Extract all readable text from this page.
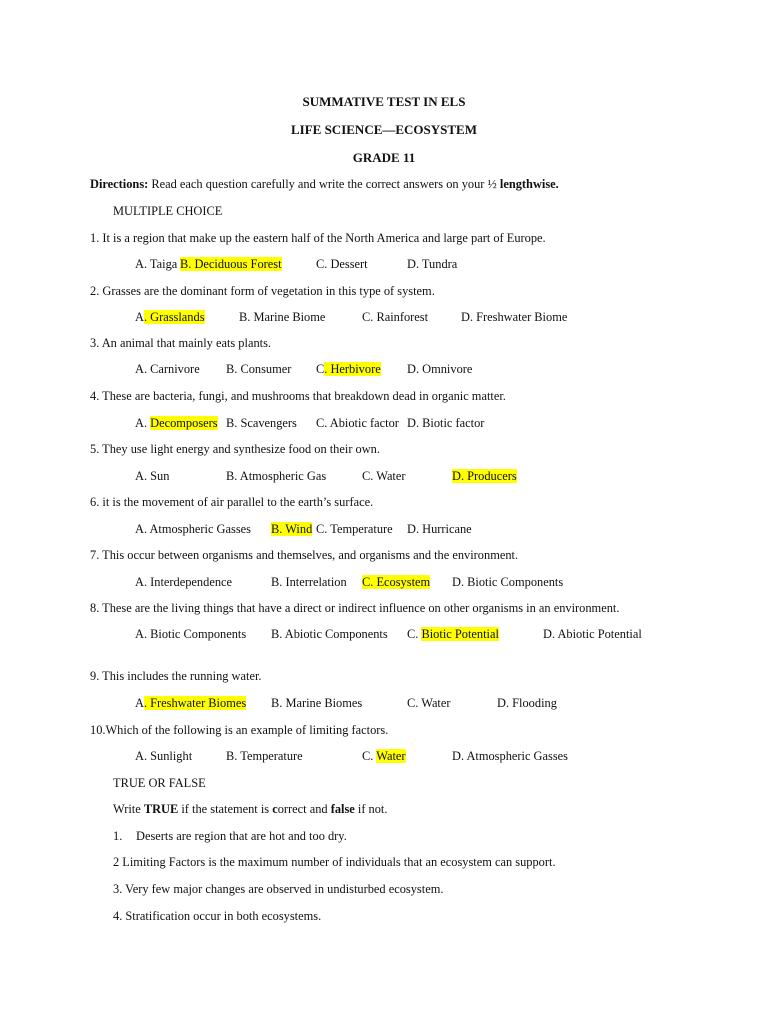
SUMMATIVE TEST IN ELS
LIFE SCIENCE—ECOSYSTEM
GRADE 11
Directions: Read each question carefully and write the correct answers on your ½ lengthwise.
MULTIPLE CHOICE
1. It is a region that make up the eastern half of the North America and large part of Europe.
A. Taiga B. Deciduous Forest	C. Dessert	D. Tundra
2. Grasses are the dominant form of vegetation in this type of system.
A. Grasslands	B. Marine Biome	C. Rainforest	D. Freshwater Biome
3. An animal that mainly eats plants.
A. Carnivore B. Consumer C. Herbivore D. Omnivore
4. These are bacteria, fungi, and mushrooms that breakdown dead in organic matter.
A. Decomposers B. Scavengers C. Abiotic factor D. Biotic factor
5. They use light energy and synthesize food on their own.
A. Sun	B. Atmospheric Gas	C. Water	D. Producers
6. it is the movement of air parallel to the earth’s surface.
A. Atmospheric Gasses B. Wind C. Temperature D. Hurricane
7. This occur between organisms and themselves, and organisms and the environment.
A. Interdependence	B. Interrelation C. Ecosystem D. Biotic Components
8. These are the living things that have a direct or indirect influence on other organisms in an environment.
A. Biotic Components B. Abiotic Components C. Biotic Potential	D. Abiotic Potential
9. This includes the running water.
A. Freshwater Biomes B. Marine Biomes	C. Water	D. Flooding
10.Which of the following is an example of limiting factors.
A. Sunlight	B. Temperature	C. Water	D. Atmospheric Gasses
TRUE OR FALSE
Write TRUE if the statement is correct and false if not.
1. Deserts are region that are hot and too dry.
2 Limiting Factors is the maximum number of individuals that an ecosystem can support.
3. Very few major changes are observed in undisturbed ecosystem.
4. Stratification occur in both ecosystems.
